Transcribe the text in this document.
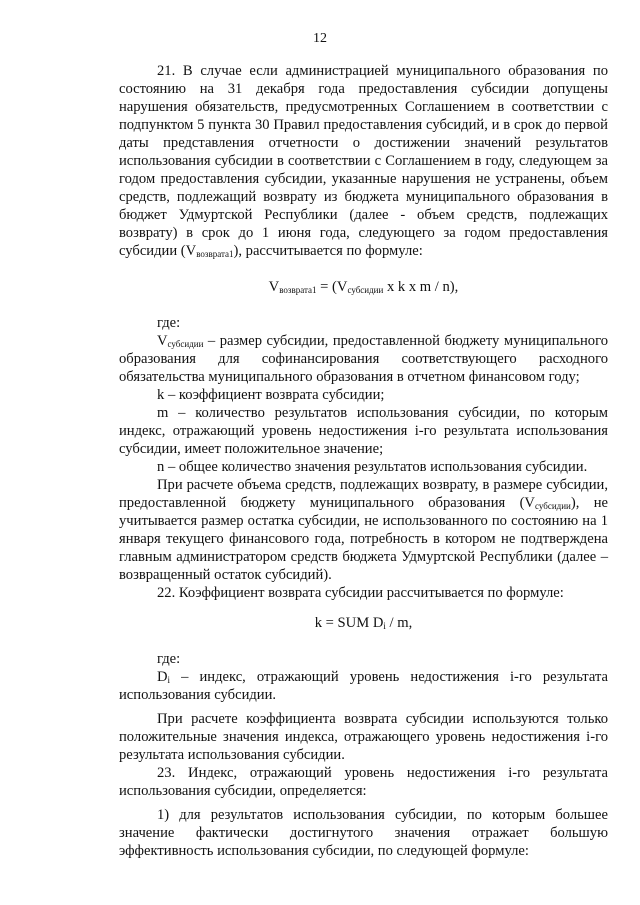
12

21. В случае если администрацией муниципального образования по состоянию на 31 декабря года предоставления субсидии допущены нарушения обязательств, предусмотренных Соглашением в соответствии с подпунктом 5 пункта 30 Правил предоставления субсидий, и в срок до первой даты представления отчетности о достижении значений результатов использования субсидии в соответствии с Соглашением в году, следующем за годом предоставления субсидии, указанные нарушения не устранены, объем средств, подлежащий возврату из бюджета муниципального образования в бюджет Удмуртской Республики (далее - объем средств, подлежащих возврату) в срок до 1 июня года, следующего за годом предоставления субсидии $(V_{возврата1})$, рассчитывается по формуле:

$V_{возврата1} = (V_{субсидии}$ x k x m / n),

где:

$V_{субсидии}$ – размер субсидии, предоставленной бюджету муниципального образования для софинансирования соответствующего расходного обязательства муниципального образования в отчетном финансовом году;

k – коэффициент возврата субсидии;

m – количество результатов использования субсидии, по которым индекс, отражающий уровень недостижения i-го результата использования субсидии, имеет положительное значение;

n – общее количество значения результатов использования субсидии.

При расчете объема средств, подлежащих возврату, в размере субсидии, предоставленной бюджету муниципального образования $(V_{субсидии})$, не учитывается размер остатка субсидии, не использованного по состоянию на 1 января текущего финансового года, потребность в котором не подтверждена главным администратором средств бюджета Удмуртской Республики (далее – возвращенный остаток субсидий).

22. Коэффициент возврата субсидии рассчитывается по формуле:

k = SUM $D_i$ / m,

где:

$D_i$ – индекс, отражающий уровень недостижения i-го результата использования субсидии.

При расчете коэффициента возврата субсидии используются только положительные значения индекса, отражающего уровень недостижения i-го результата использования субсидии.

23. Индекс, отражающий уровень недостижения i-го результата использования субсидии, определяется:

1) для результатов использования субсидии, по которым большее значение фактически достигнутого значения отражает большую эффективность использования субсидии, по следующей формуле:
